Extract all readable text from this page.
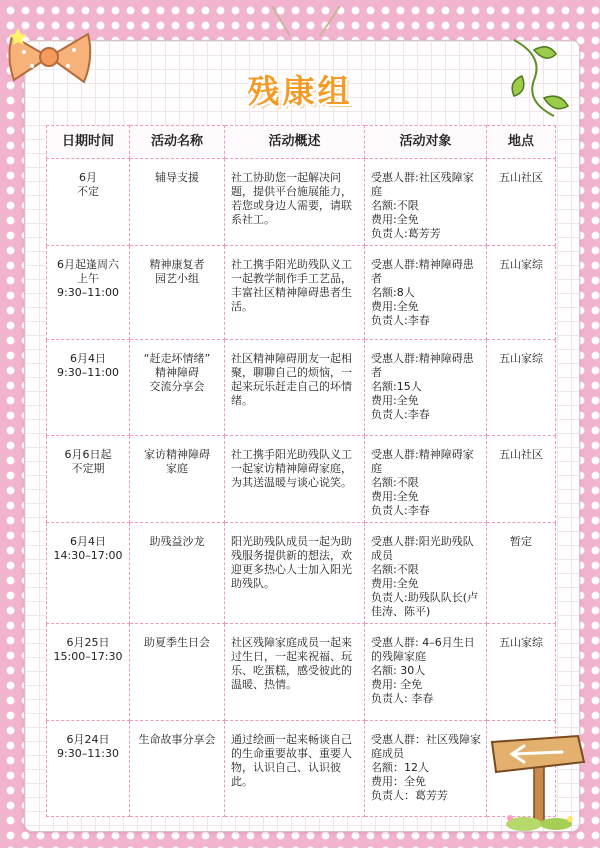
残康组
日期时间	活动名称	活动概述	活动对象	地点

6月
不定	辅导支援	社工协助您一起解决问题，提供平台施展能力，若您或身边人需要，请联系社工。	受惠人群:社区残障家庭
名额:不限
费用:全免
负责人:葛芳芳	五山社区

6月起逢周六
上午
9:30–11:00	精神康复者
园艺小组	社工携手阳光助残队义工一起教学制作手工艺品，丰富社区精神障碍患者生活。	受惠人群:精神障碍患者
名额:8人
费用:全免
负责人:李春	五山家综

6月4日
9:30–11:00	“赶走坏情绪”
精神障碍
交流分享会	社区精神障碍朋友一起相聚，聊聊自己的烦恼，一起来玩乐赶走自己的坏情绪。	受惠人群:精神障碍患者
名额:15人
费用:全免
负责人:李春	五山家综

6月6日起
不定期	家访精神障碍
家庭	社工携手阳光助残队义工一起家访精神障碍家庭，为其送温暖与谈心说笑。	受惠人群:精神障碍家庭
名额:不限
费用:全免
负责人:李春	五山社区

6月4日
14:30–17:00	助残益沙龙	阳光助残队成员一起为助残服务提供新的想法，欢迎更多热心人士加入阳光助残队。	受惠人群:阳光助残队成员
名额:不限
费用:全免
负责人:助残队队长(卢佳涛、陈平)	暂定

6月25日
15:00–17:30	助夏季生日会	社区残障家庭成员一起来过生日，一起来祝福、玩乐、吃蛋糕，感受彼此的温暖、热情。	受惠人群: 4–6月生日的残障家庭
名额: 30人
费用: 全免
负责人: 李春	五山家综

6月24日
9:30–11:30	生命故事分享会	通过绘画一起来畅谈自己的生命重要故事、重要人物，认识自己、认识彼此。	受惠人群：社区残障家庭成员
名额：12人
费用：全免
负责人：葛芳芳	
